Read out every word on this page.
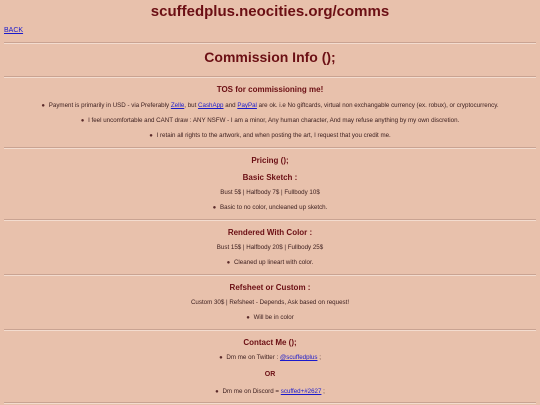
scuffedplus.neocities.org/comms
BACK
Commission Info ();
TOS for commissioning me!
● Payment is primarily in USD - via Preferably Zelle, but CashApp and PayPal are ok. i.e No giftcards, virtual non exchangable currency (ex. robux), or cryptocurrency.
● I feel uncomfortable and CANT draw : ANY NSFW - I am a minor, Any human character, And may refuse anything by my own discretion.
● I retain all rights to the artwork, and when posting the art, I request that you credit me.
Pricing ();
Basic Sketch :
Bust 5$ | Halfbody 7$ | Fullbody 10$
● Basic to no color, uncleaned up sketch.
Rendered With Color :
Bust 15$ | Halfbody 20$ | Fullbody 25$
● Cleaned up lineart with color.
Refsheet or Custom :
Custom 30$ | Refsheet - Depends, Ask based on request!
● Will be in color
Contact Me ();
● Dm me on Twitter : @scuffedplus ;
OR
● Dm me on Discord = scuffed+#2627 ;
